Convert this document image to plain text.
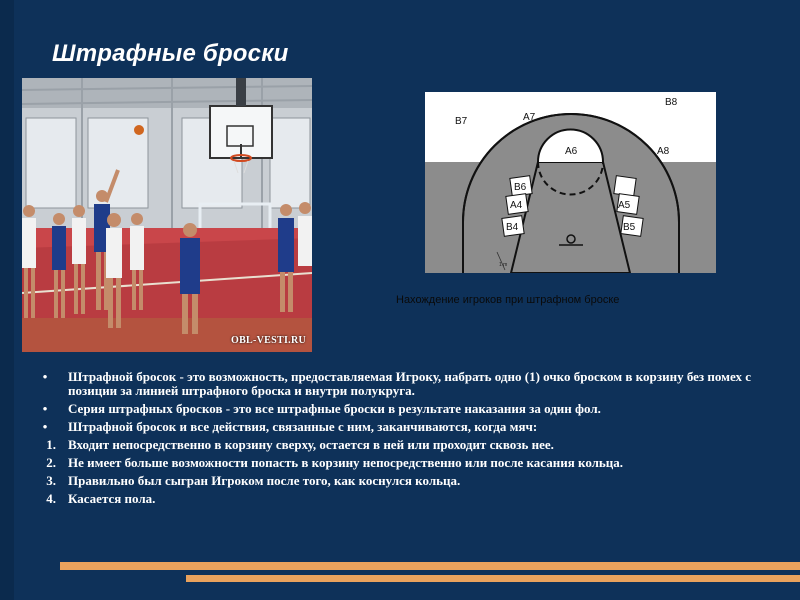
Штрафные броски
OBL-VESTI.RU
1 m
B7	A7
B8
A6	A8
B6
A4
B4
A5
B5
Нахождение игроков при штрафном броске
•	Штрафной бросок - это возможность, предоставляемая Игроку, набрать одно (1) очко броском в корзину без помех с позиции за линией штрафного броска и внутри полукруга.
•	Серия штрафных бросков - это все штрафные броски в результате наказания за один фол.
•	Штрафной бросок и все действия, связанные с ним, заканчиваются, когда мяч:
1. Входит непосредственно в корзину сверху, остается в ней или проходит сквозь нее.
2. Не имеет больше возможности попасть в корзину непосредственно или после касания кольца.
3. Правильно был сыгран Игроком после того, как коснулся кольца.
4. Касается пола.
